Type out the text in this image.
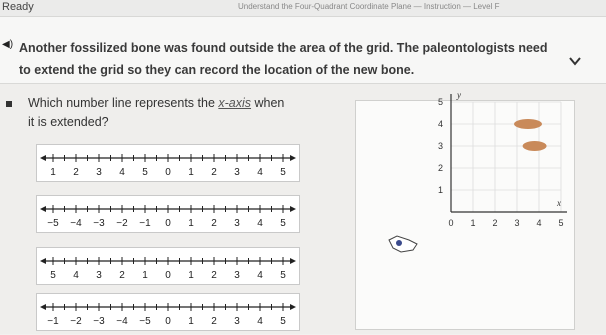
Ready	Understand the Four-Quadrant Coordinate Plane — Instruction — Level F
◀) Another fossilized bone was found outside the area of the grid. The paleontologists need to extend the grid so they can record the location of the new bone.
Which number line represents the x-axis when it is extended?
1 2 3 4 5 0 1 2 3 4 5
−5 −4 −3 −2 −1 0 1 2 3 4 5
5 4 3 2 1 0 1 2 3 4 5
−1 −2 −3 −4 −5 0 1 2 3 4 5
0 1 2 3 4 5
1
2
3
4
5
x
y
